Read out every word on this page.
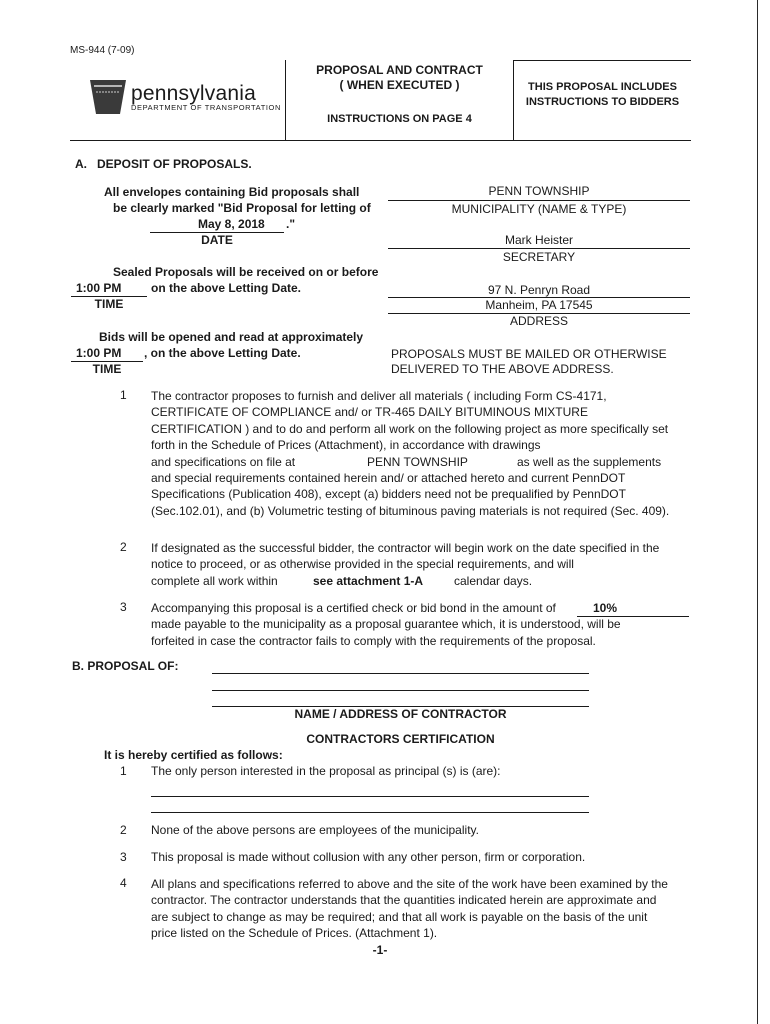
MS-944 (7-09)
pennsylvania
DEPARTMENT OF TRANSPORTATION
PROPOSAL AND CONTRACT
( WHEN EXECUTED )
INSTRUCTIONS ON PAGE 4
THIS PROPOSAL INCLUDES
INSTRUCTIONS TO BIDDERS
A.   DEPOSIT OF PROPOSALS.
All envelopes containing Bid proposals shall
be clearly marked "Bid Proposal for letting of
May 8, 2018	."
DATE
Sealed Proposals will be received on or before
1:00 PM	on the above Letting Date.
TIME
Bids will be opened and read at approximately
1:00 PM	, on the above Letting Date.
TIME
PENN TOWNSHIP
MUNICIPALITY (NAME & TYPE)
Mark Heister
SECRETARY
97 N. Penryn Road
Manheim, PA 17545
ADDRESS
PROPOSALS MUST BE MAILED OR OTHERWISE
DELIVERED TO THE ABOVE ADDRESS.
1 The contractor proposes to furnish and deliver all materials ( including Form CS-4171,
CERTIFICATE OF COMPLIANCE and/ or TR-465 DAILY BITUMINOUS MIXTURE
CERTIFICATION ) and to do and perform all work on the following project as more specifically set
forth in the Schedule of Prices (Attachment), in accordance with drawings
and specifications on file at	PENN TOWNSHIP	as well as the supplements
and special requirements contained herein and/ or attached hereto and current PennDOT
Specifications (Publication 408), except (a) bidders need not be prequalified by PennDOT
(Sec.102.01), and (b) Volumetric testing of bituminous paving materials is not required (Sec. 409).
2 If designated as the successful bidder, the contractor will begin work on the date specified in the
notice to proceed, or as otherwise provided in the special requirements, and will
complete all work within	see attachment 1-A	calendar days.
3 Accompanying this proposal is a certified check or bid bond in the amount of	10%
made payable to the municipality as a proposal guarantee which, it is understood, will be
forfeited in case the contractor fails to comply with the requirements of the proposal.
B. PROPOSAL OF:
NAME / ADDRESS OF CONTRACTOR
CONTRACTORS CERTIFICATION
It is hereby certified as follows:
1 The only person interested in the proposal as principal (s) is (are):
2 None of the above persons are employees of the municipality.
3 This proposal is made without collusion with any other person, firm or corporation.
4 All plans and specifications referred to above and the site of the work have been examined by the
contractor. The contractor understands that the quantities indicated herein are approximate and
are subject to change as may be required; and that all work is payable on the basis of the unit
price listed on the Schedule of Prices. (Attachment 1).
-1-
